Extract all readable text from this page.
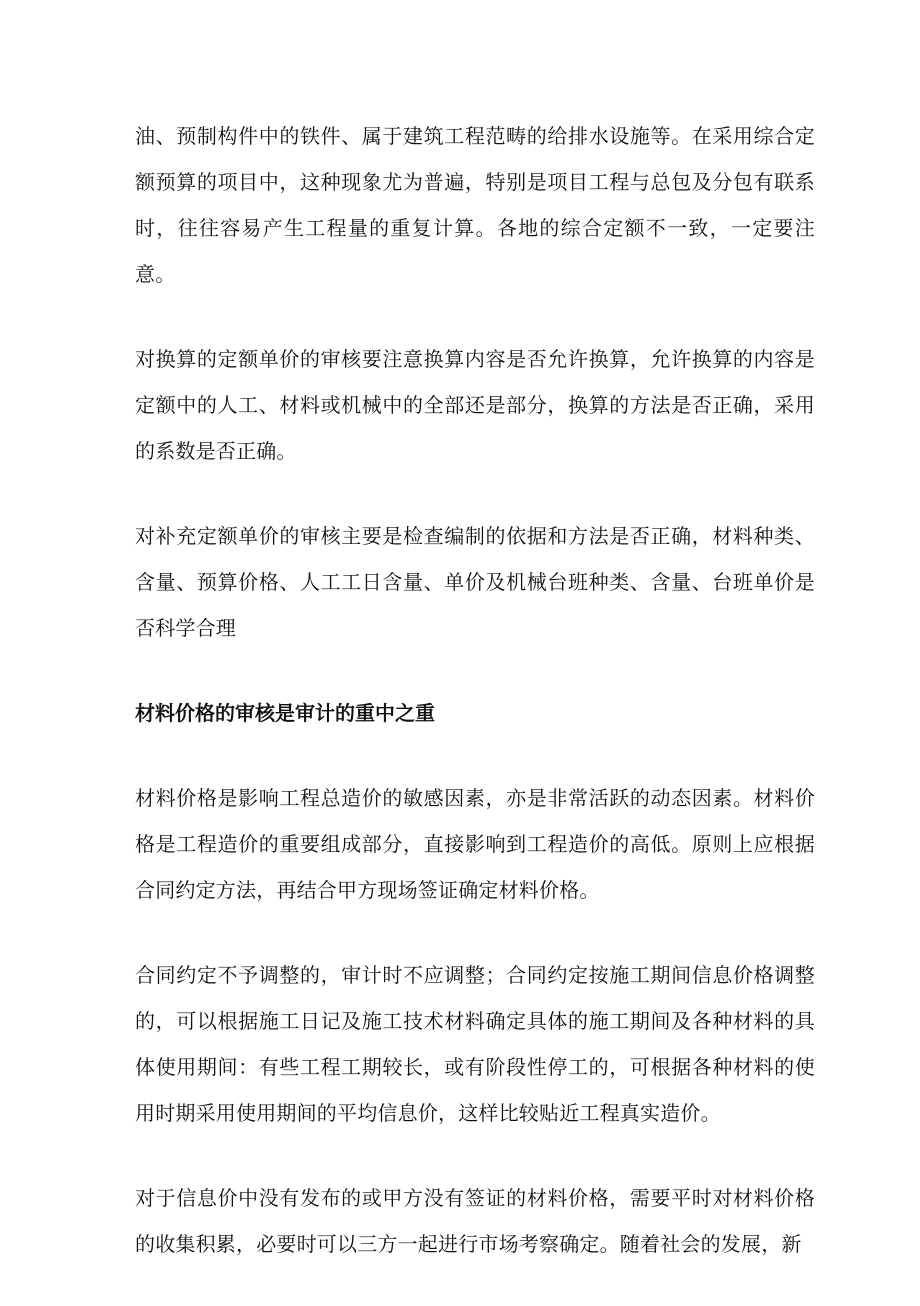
油、预制构件中的铁件、属于建筑工程范畴的给排水设施等。在采用综合定额预算的项目中，这种现象尤为普遍，特别是项目工程与总包及分包有联系时，往往容易产生工程量的重复计算。各地的综合定额不一致，一定要注意。

对换算的定额单价的审核要注意换算内容是否允许换算，允许换算的内容是定额中的人工、材料或机械中的全部还是部分，换算的方法是否正确，采用的系数是否正确。

对补充定额单价的审核主要是检查编制的依据和方法是否正确，材料种类、含量、预算价格、人工工日含量、单价及机械台班种类、含量、台班单价是否科学合理

材料价格的审核是审计的重中之重

材料价格是影响工程总造价的敏感因素，亦是非常活跃的动态因素。材料价格是工程造价的重要组成部分，直接影响到工程造价的高低。原则上应根据合同约定方法，再结合甲方现场签证确定材料价格。

合同约定不予调整的，审计时不应调整；合同约定按施工期间信息价格调整的，可以根据施工日记及施工技术材料确定具体的施工期间及各种材料的具体使用期间：有些工程工期较长，或有阶段性停工的，可根据各种材料的使用时期采用使用期间的平均信息价，这样比较贴近工程真实造价。

对于信息价中没有发布的或甲方没有签证的材料价格，需要平时对材料价格的收集积累，必要时可以三方一起进行市场考察确定。随着社会的发展，新
